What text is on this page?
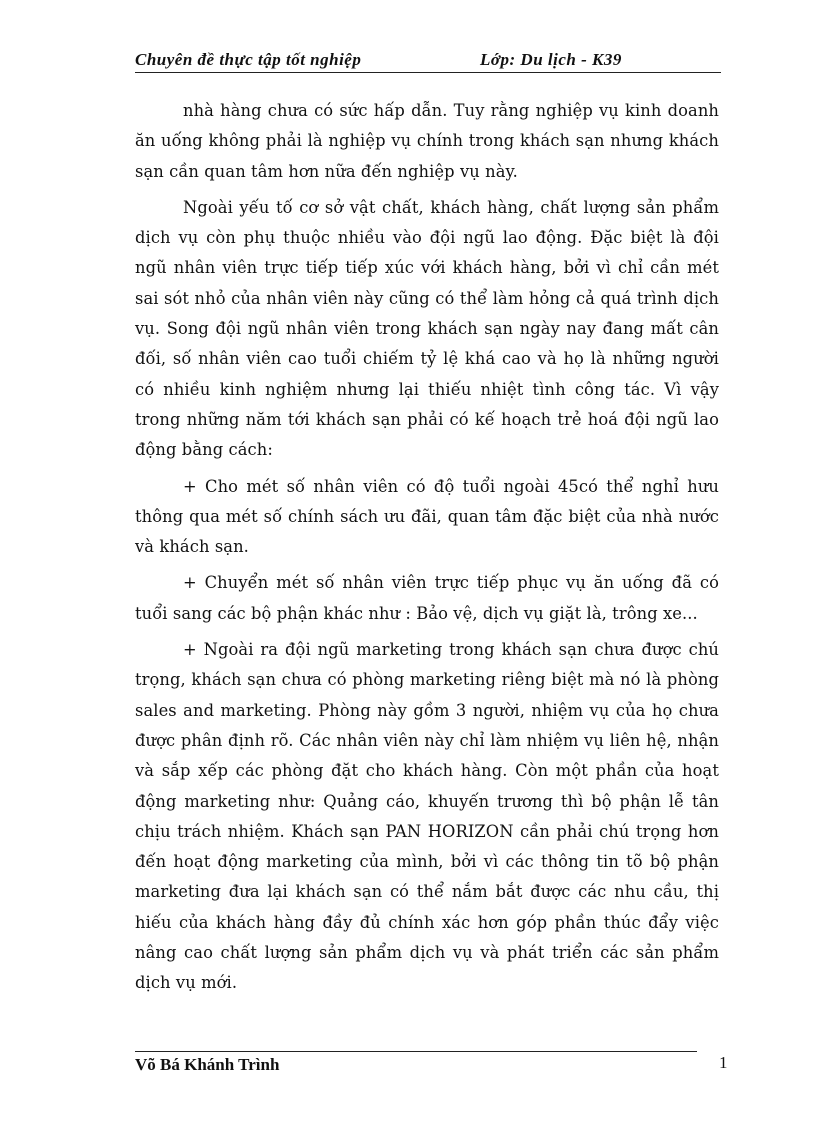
Chuyên đề thực tập tốt nghiệp	Lớp: Du lịch - K39

nhà hàng chưa có sức hấp dẫn. Tuy rằng nghiệp vụ kinh doanh ăn uống không phải là nghiệp vụ chính trong khách sạn nhưng khách sạn cần quan tâm hơn nữa đến nghiệp vụ này.

Ngoài yếu tố cơ sở vật chất, khách hàng, chất lượng sản phẩm dịch vụ còn phụ thuộc nhiều vào đội ngũ lao động. Đặc biệt là đội ngũ nhân viên trực tiếp tiếp xúc với khách hàng, bởi vì chỉ cần mét sai sót nhỏ của nhân viên này cũng có thể làm hỏng cả quá trình dịch vụ. Song đội ngũ nhân viên trong khách sạn ngày nay đang mất cân đối, số nhân viên cao tuổi chiếm tỷ lệ khá cao và họ là những người có nhiều kinh nghiệm nhưng lại thiếu nhiệt tình công tác. Vì vậy trong những năm tới khách sạn phải có kế hoạch trẻ hoá đội ngũ lao động bằng cách:

+ Cho mét số nhân viên có độ tuổi ngoài 45có thể nghỉ hưu thông qua mét số chính sách ưu đãi, quan tâm đặc biệt của nhà nước và khách sạn.

+ Chuyển mét số nhân viên trực tiếp phục vụ ăn uống đã có tuổi sang các bộ phận khác như : Bảo vệ, dịch vụ giặt là, trông xe...

+ Ngoài ra đội ngũ marketing trong khách sạn chưa được chú trọng, khách sạn chưa có phòng marketing riêng biệt mà nó là phòng sales and marketing. Phòng này gồm 3 người, nhiệm vụ của họ chưa được phân định rõ. Các nhân viên này chỉ làm nhiệm vụ liên hệ, nhận và sắp xếp các phòng đặt cho khách hàng. Còn một phần của hoạt động marketing như: Quảng cáo, khuyến trương thì bộ phận lễ tân chịu trách nhiệm. Khách sạn PAN HORIZON cần phải chú trọng hơn đến hoạt động marketing của mình, bởi vì các thông tin tõ bộ phận marketing đưa lại khách sạn có thể nắm bắt được các nhu cầu, thị hiếu của khách hàng đầy đủ chính xác hơn góp phần thúc đẩy việc nâng cao chất lượng sản phẩm dịch vụ và phát triển các sản phẩm dịch vụ mới.

Võ Bá Khánh Trình	1
